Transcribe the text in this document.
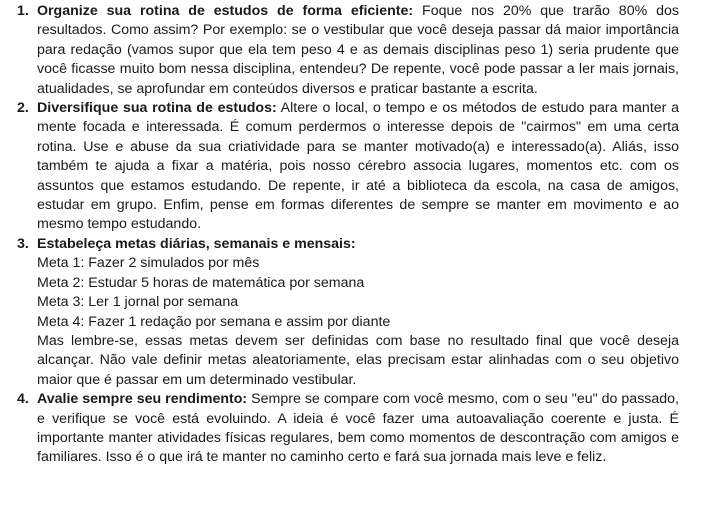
1. Organize sua rotina de estudos de forma eficiente: Foque nos 20% que trarão 80% dos resultados. Como assim? Por exemplo: se o vestibular que você deseja passar dá maior importância para redação (vamos supor que ela tem peso 4 e as demais disciplinas peso 1) seria prudente que você ficasse muito bom nessa disciplina, entendeu? De repente, você pode passar a ler mais jornais, atualidades, se aprofundar em conteúdos diversos e praticar bastante a escrita.
2. Diversifique sua rotina de estudos: Altere o local, o tempo e os métodos de estudo para manter a mente focada e interessada. É comum perdermos o interesse depois de "cairmos" em uma certa rotina. Use e abuse da sua criatividade para se manter motivado(a) e interessado(a). Aliás, isso também te ajuda a fixar a matéria, pois nosso cérebro associa lugares, momentos etc. com os assuntos que estamos estudando. De repente, ir até a biblioteca da escola, na casa de amigos, estudar em grupo. Enfim, pense em formas diferentes de sempre se manter em movimento e ao mesmo tempo estudando.
3. Estabeleça metas diárias, semanais e mensais:
Meta 1: Fazer 2 simulados por mês
Meta 2: Estudar 5 horas de matemática por semana
Meta 3: Ler 1 jornal por semana
Meta 4: Fazer 1 redação por semana e assim por diante
Mas lembre-se, essas metas devem ser definidas com base no resultado final que você deseja alcançar. Não vale definir metas aleatoriamente, elas precisam estar alinhadas com o seu objetivo maior que é passar em um determinado vestibular.
4. Avalie sempre seu rendimento: Sempre se compare com você mesmo, com o seu "eu" do passado, e verifique se você está evoluindo. A ideia é você fazer uma autoavaliação coerente e justa. É importante manter atividades físicas regulares, bem como momentos de descontração com amigos e familiares. Isso é o que irá te manter no caminho certo e fará sua jornada mais leve e feliz.
